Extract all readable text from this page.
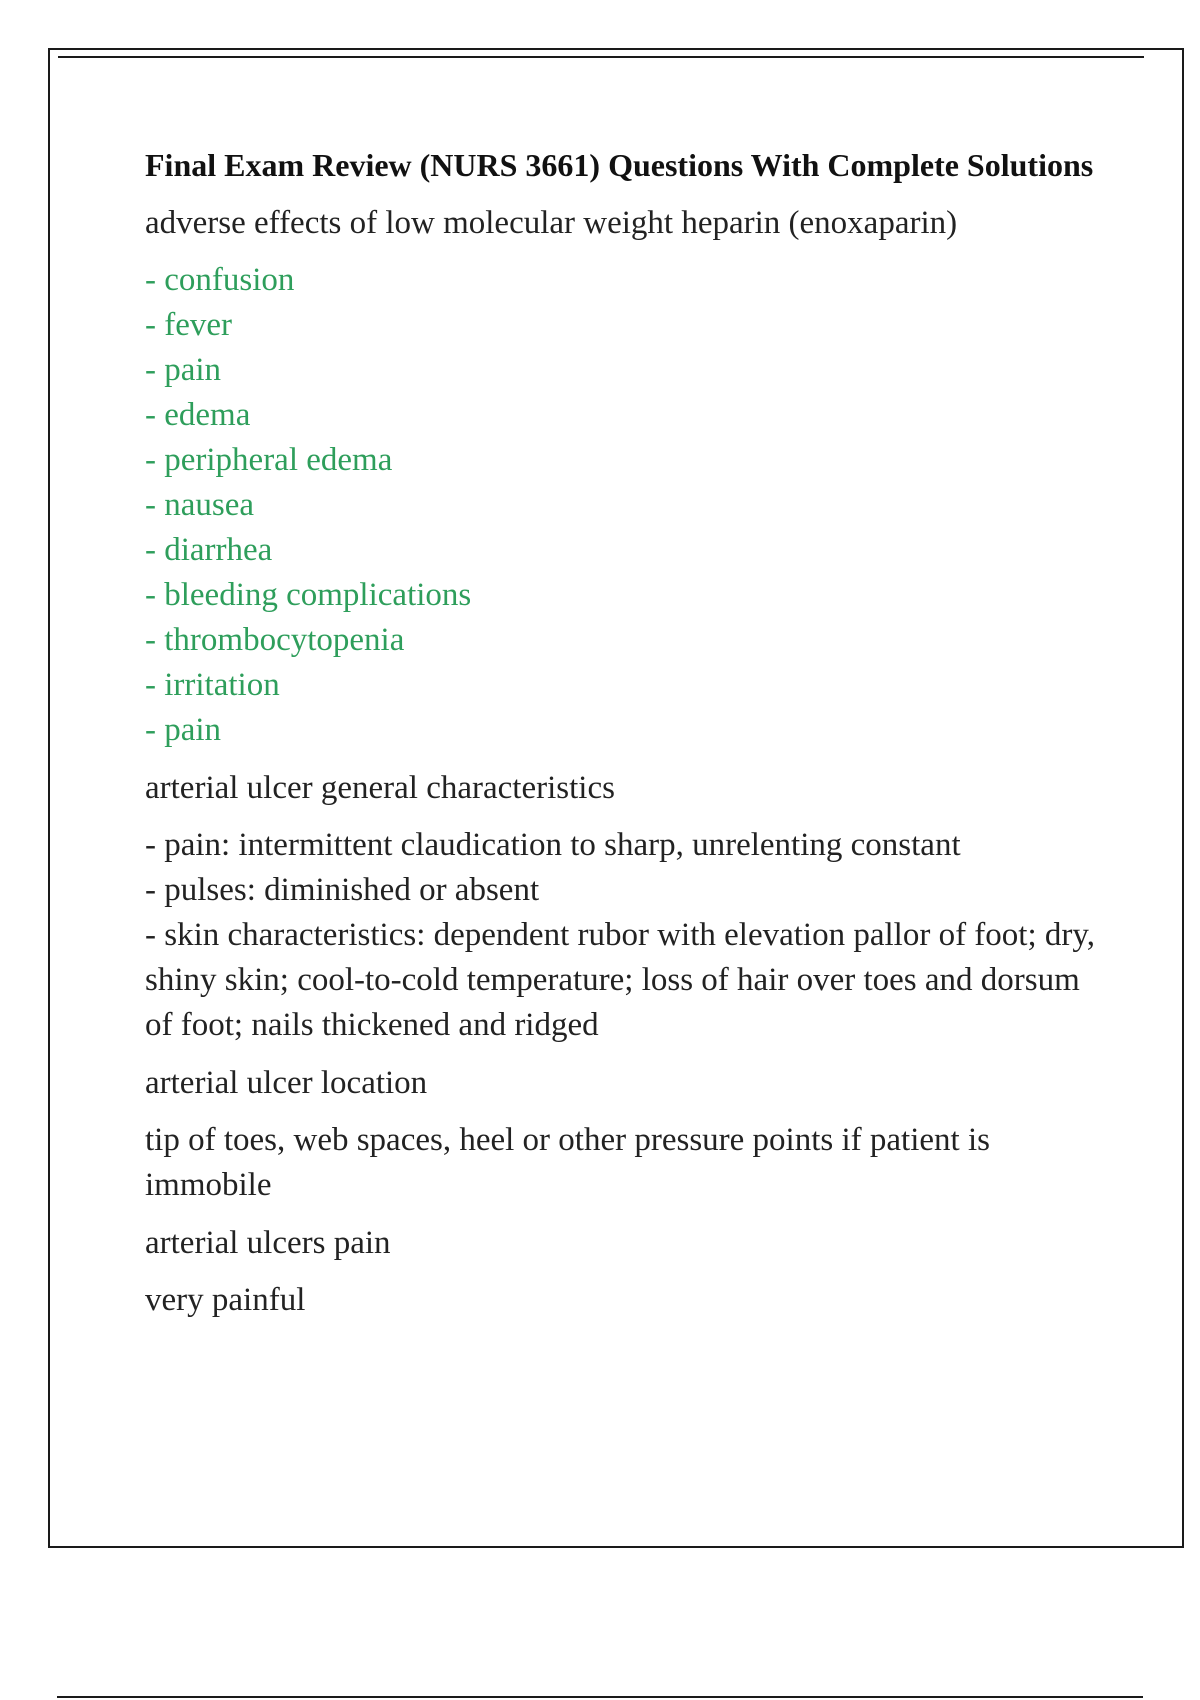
Final Exam Review (NURS 3661) Questions With Complete Solutions
adverse effects of low molecular weight heparin (enoxaparin)
- confusion
- fever
- pain
- edema
- peripheral edema
- nausea
- diarrhea
- bleeding complications
- thrombocytopenia
- irritation
- pain
arterial ulcer general characteristics
- pain: intermittent claudication to sharp, unrelenting constant
- pulses: diminished or absent
- skin characteristics: dependent rubor with elevation pallor of foot; dry, shiny skin; cool-to-cold temperature; loss of hair over toes and dorsum of foot; nails thickened and ridged
arterial ulcer location
tip of toes, web spaces, heel or other pressure points if patient is immobile
arterial ulcers pain
very painful
